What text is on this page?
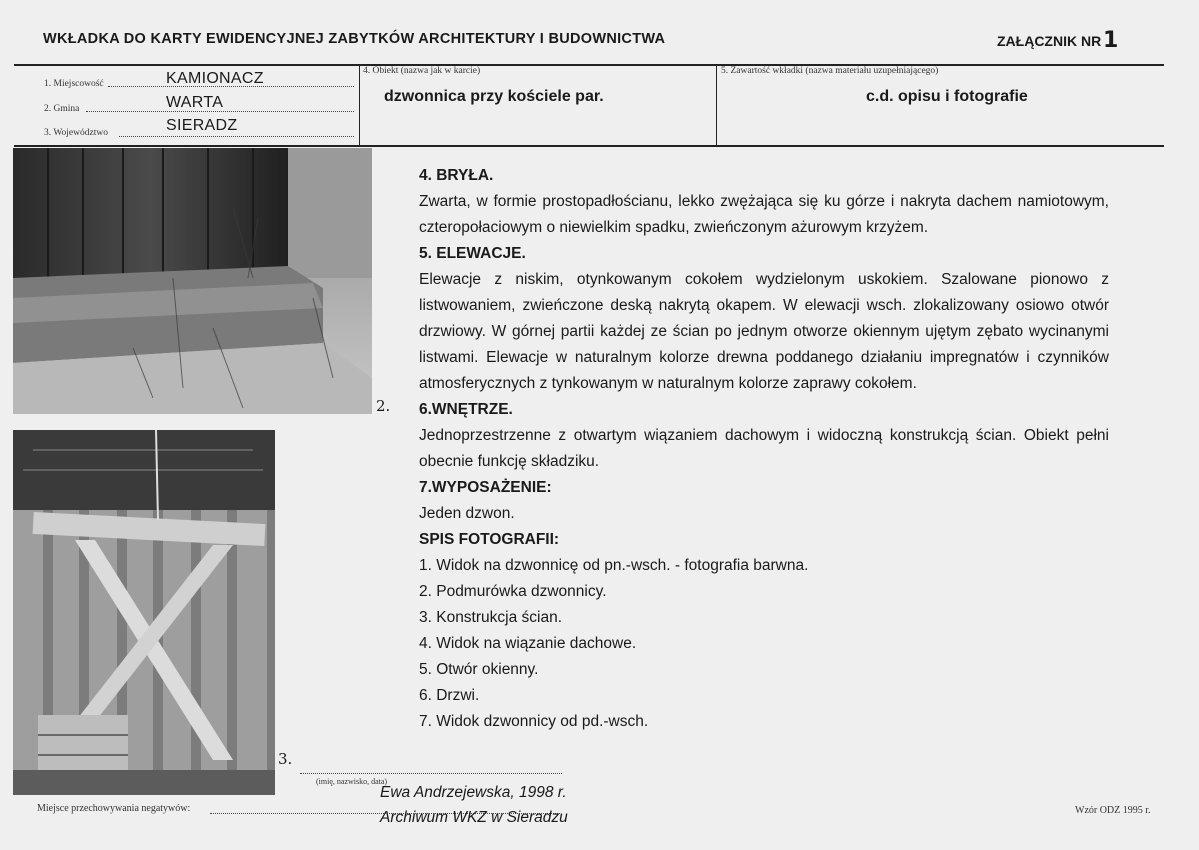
WKŁADKA DO KARTY EWIDENCYJNEJ ZABYTKÓW ARCHITEKTURY I BUDOWNICTWA	ZAŁĄCZNIK NR 1
1. Miejscowość	KAMIONACZ
2. Gmina	WARTA
3. Województwo	SIERADZ
4. Obiekt (nazwa jak w karcie)
dzwonnica przy kościele par.
5. Zawartość wkładki (nazwa materiału uzupełniającego)
c.d. opisu i fotografie
2.
3.
4. BRYŁA.
Zwarta, w formie prostopadłościanu, lekko zwężająca się ku górze i nakryta dachem namiotowym, czteropołaciowym o niewielkim spadku, zwieńczonym ażurowym krzyżem.
5. ELEWACJE.
Elewacje z niskim, otynkowanym cokołem wydzielonym uskokiem. Szalowane pionowo z listwowaniem, zwieńczone deską nakrytą okapem. W elewacji wsch. zlokalizowany osiowo otwór drzwiowy. W górnej partii każdej ze ścian po jednym otworze okiennym ujętym zębato wycinanymi listwami. Elewacje w naturalnym kolorze drewna poddanego działaniu impregnatów i czynników atmosferycznych z tynkowanym w naturalnym kolorze zaprawy cokołem.
6.WNĘTRZE.
Jednoprzestrzenne z otwartym wiązaniem dachowym i widoczną konstrukcją ścian. Obiekt pełni obecnie funkcję składziku.
7.WYPOSAŻENIE:
Jeden dzwon.
SPIS FOTOGRAFII:
1. Widok na dzwonnicę od pn.-wsch. - fotografia barwna.
2. Podmurówka dzwonnicy.
3. Konstrukcja ścian.
4. Widok na wiązanie dachowe.
5. Otwór okienny.
6. Drzwi.
7. Widok dzwonnicy od pd.-wsch.
(imię, nazwisko, data)
Ewa Andrzejewska, 1998 r.
Miejsce przechowywania negatywów:
Archiwum WKZ w Sieradzu	Wzór ODZ 1995 r.
